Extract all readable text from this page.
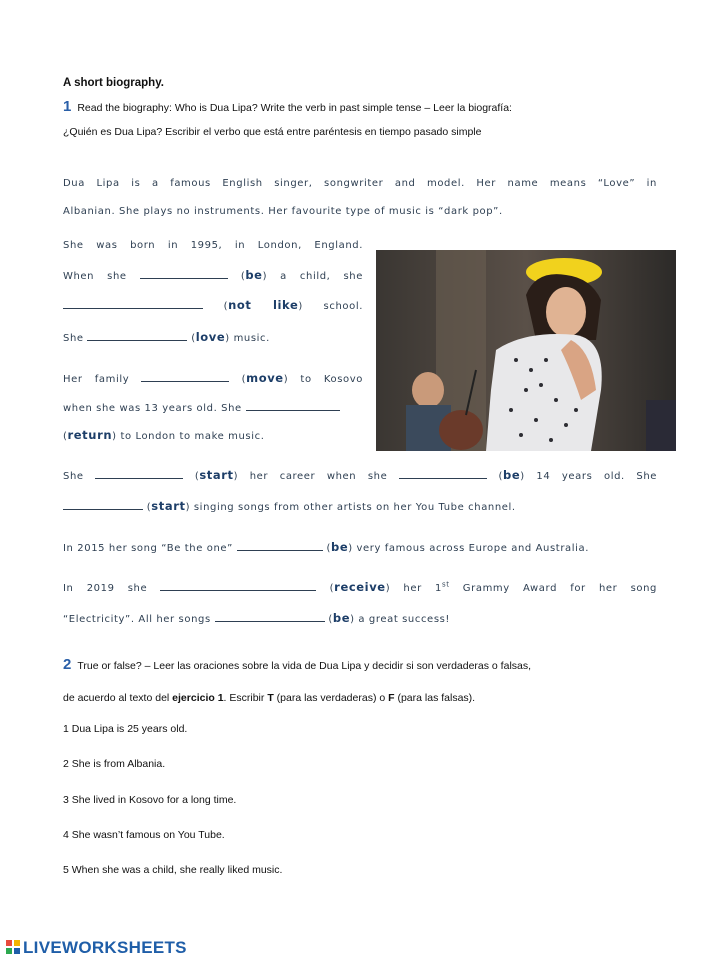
A short biography.
1 Read the biography: Who is Dua Lipa? Write the verb in past simple tense – Leer la biografía:
¿Quién es Dua Lipa? Escribir el verbo que está entre paréntesis en tiempo pasado simple
Dua Lipa is a famous English singer, songwriter and model. Her name means “Love” in
Albanian. She plays no instruments. Her favourite type of music is “dark pop”.
She was born in 1995, in London, England.
When she	(be) a child, she
(not like) school.
She	(love) music.
Her family	(move) to Kosovo
when she was 13 years old. She
(return) to London to make music.
She	(start) her career when she	(be) 14 years old. She
(start) singing songs from other artists on her You Tube channel.
In 2015 her song “Be the one”	(be) very famous across Europe and Australia.
In 2019 she	(receive) her 1st Grammy Award for her song
“Electricity”. All her songs	(be) a great success!
2 True or false? – Leer las oraciones sobre la vida de Dua Lipa y decidir si son verdaderas o falsas,
de acuerdo al texto del ejercicio 1. Escribir T (para las verdaderas) o F (para las falsas).
1 Dua Lipa is 25 years old.
2 She is from Albania.
3 She lived in Kosovo for a long time.
4 She wasn’t famous on You Tube.
5 When she was a child, she really liked music.
LIVEWORKSHEETS
